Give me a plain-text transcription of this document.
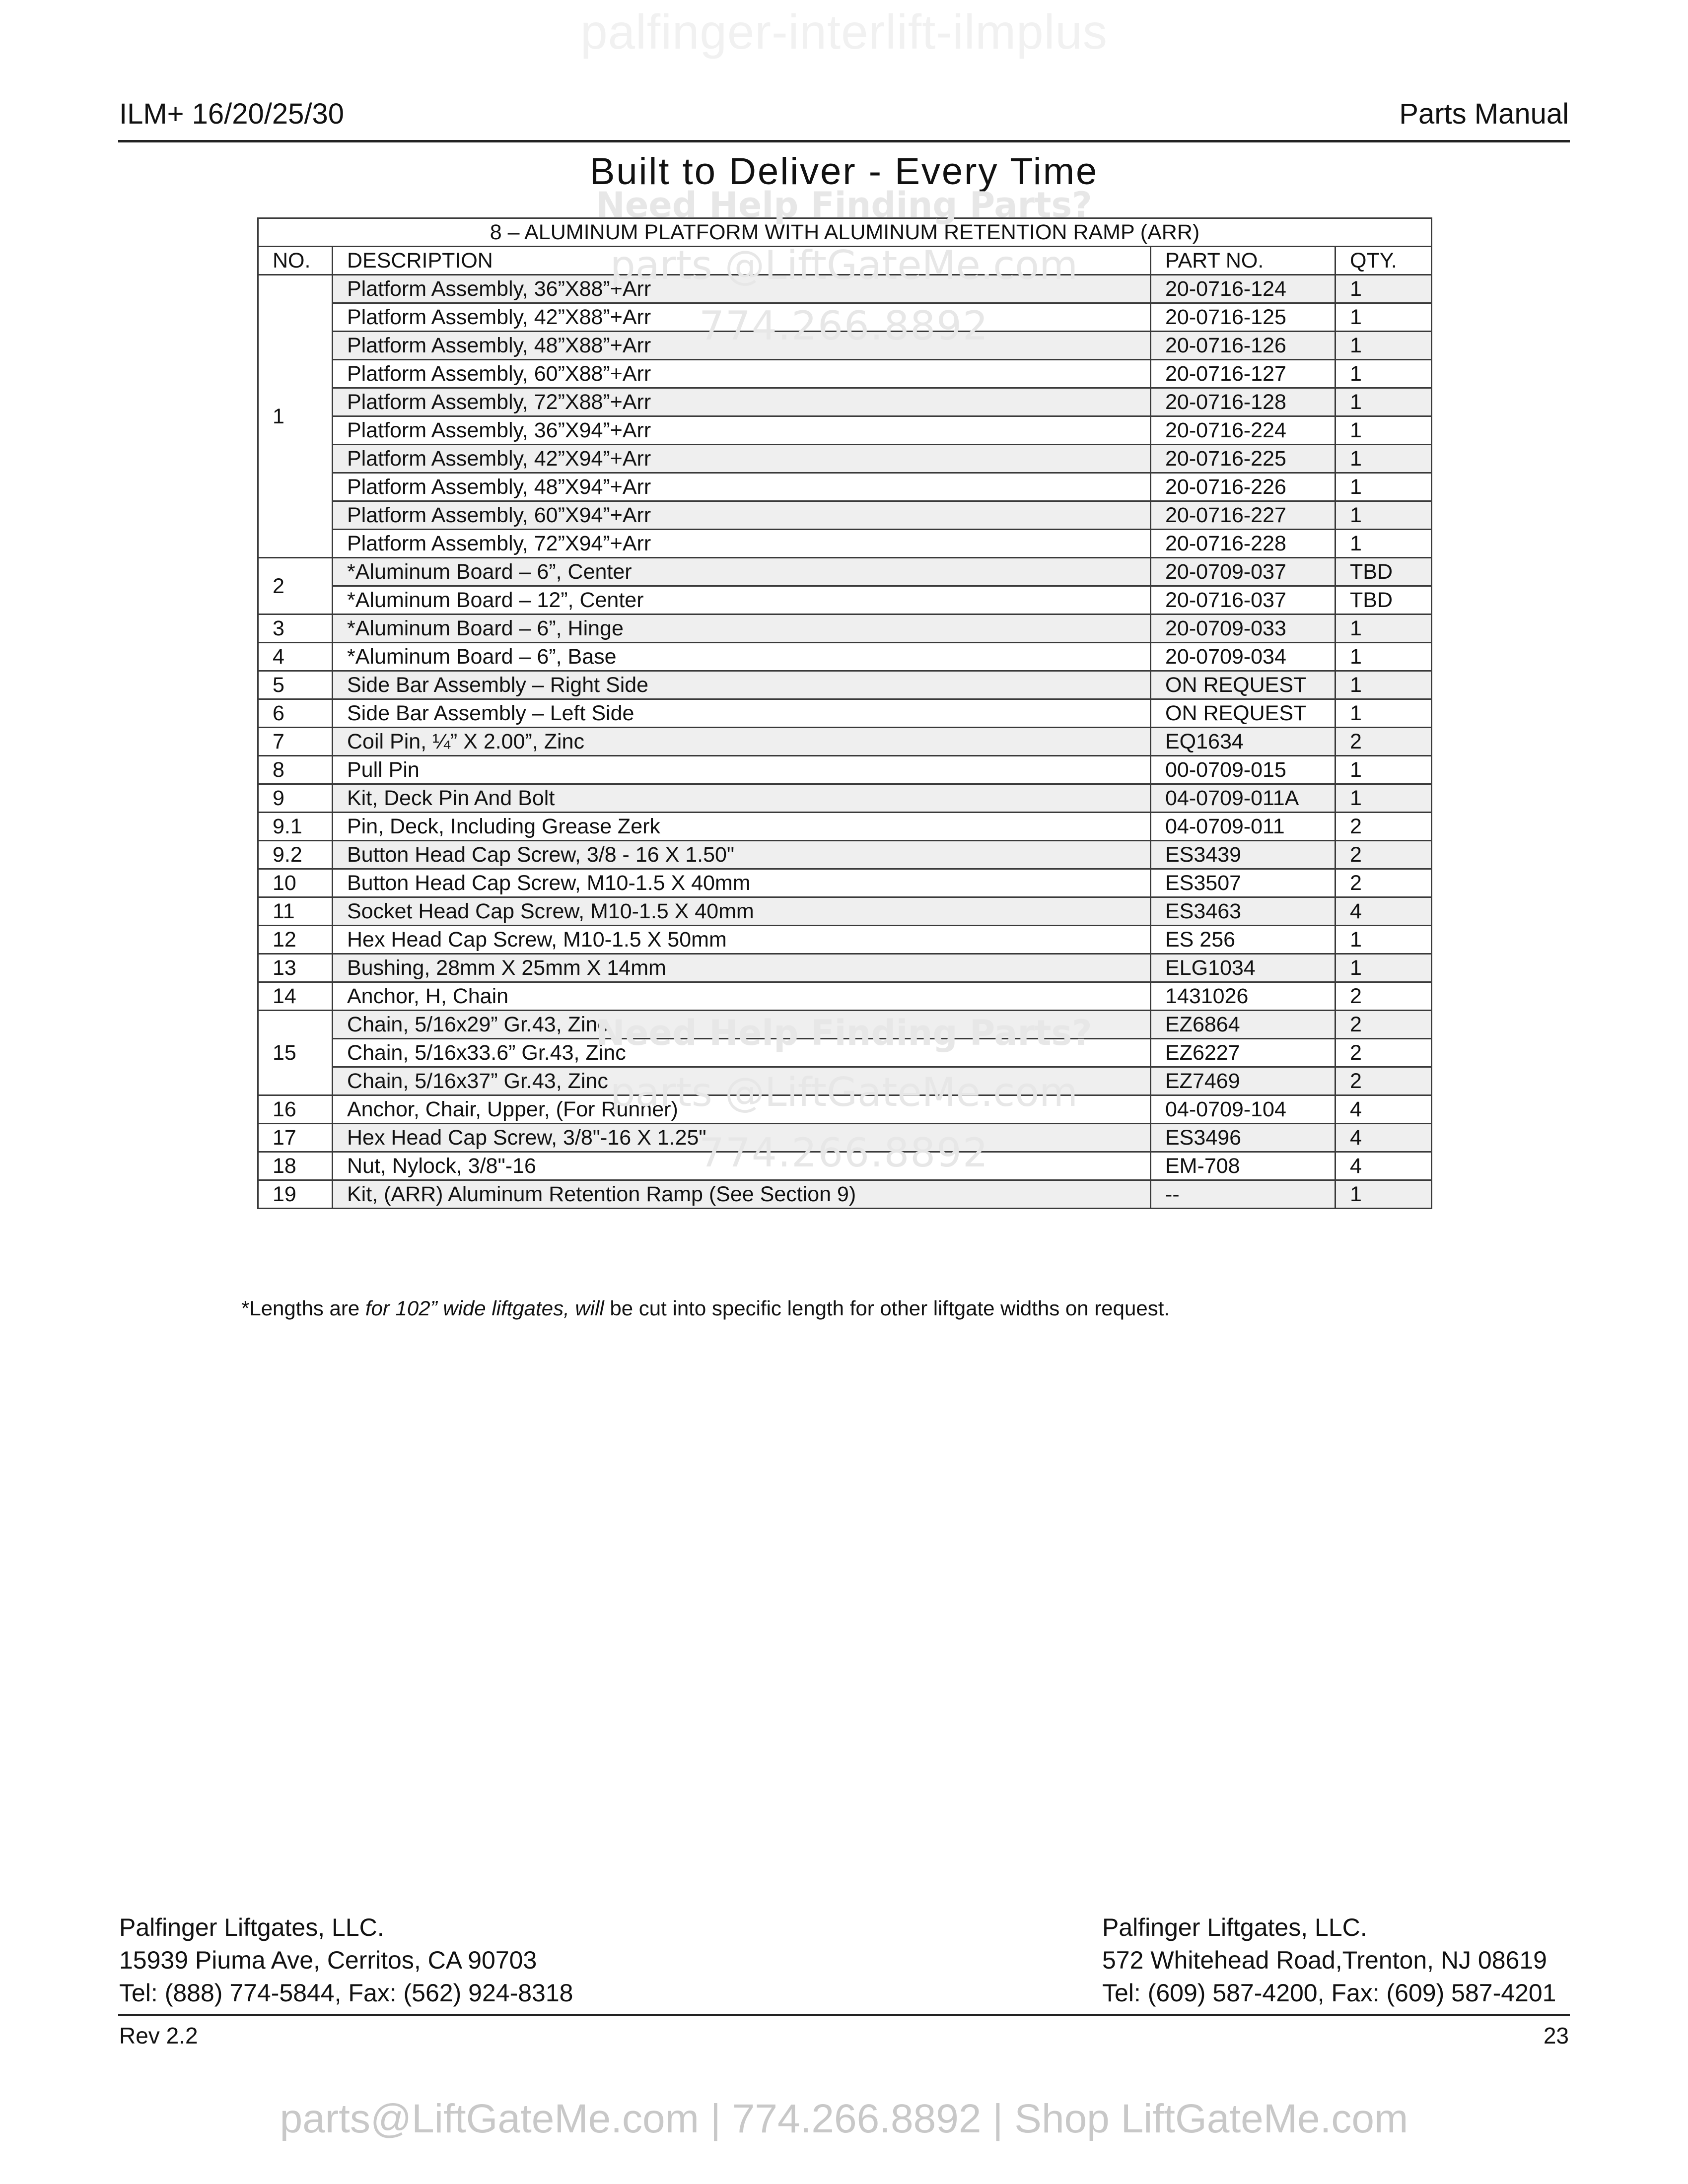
palfinger-interlift-ilmplus
ILM+ 16/20/25/30	Parts Manual
Built to Deliver - Every Time
8 – ALUMINUM PLATFORM WITH ALUMINUM RETENTION RAMP (ARR)			
NO.	DESCRIPTION	PART NO.	QTY.
1	Platform Assembly, 36”X88”+Arr	20-0716-124	1
	Platform Assembly, 42”X88”+Arr	20-0716-125	1
	Platform Assembly, 48”X88”+Arr	20-0716-126	1
	Platform Assembly, 60”X88”+Arr	20-0716-127	1
	Platform Assembly, 72”X88”+Arr	20-0716-128	1
	Platform Assembly, 36”X94”+Arr	20-0716-224	1
	Platform Assembly, 42”X94”+Arr	20-0716-225	1
	Platform Assembly, 48”X94”+Arr	20-0716-226	1
	Platform Assembly, 60”X94”+Arr	20-0716-227	1
	Platform Assembly, 72”X94”+Arr	20-0716-228	1
2	*Aluminum Board – 6”, Center	20-0709-037	TBD
	*Aluminum Board – 12”, Center	20-0716-037	TBD
3	*Aluminum Board – 6”, Hinge	20-0709-033	1
4	*Aluminum Board – 6”, Base	20-0709-034	1
5	Side Bar Assembly – Right Side	ON REQUEST	1
6	Side Bar Assembly – Left Side	ON REQUEST	1
7	Coil Pin, ¼” X 2.00”, Zinc	EQ1634	2
8	Pull Pin	00-0709-015	1
9	Kit, Deck Pin And Bolt	04-0709-011A	1
9.1	Pin, Deck, Including Grease Zerk	04-0709-011	2
9.2	Button Head Cap Screw, 3/8 - 16 X 1.50"	ES3439	2
10	Button Head Cap Screw, M10-1.5 X 40mm	ES3507	2
11	Socket Head Cap Screw, M10-1.5 X 40mm	ES3463	4
12	Hex Head Cap Screw, M10-1.5 X 50mm	ES 256	1
13	Bushing, 28mm X 25mm X 14mm	ELG1034	1
14	Anchor, H, Chain	1431026	2
15	Chain, 5/16x29” Gr.43, Zinc	EZ6864	2
	Chain, 5/16x33.6” Gr.43, Zinc	EZ6227	2
	Chain, 5/16x37” Gr.43, Zinc	EZ7469	2
16	Anchor, Chair, Upper, (For Runner)	04-0709-104	4
17	Hex Head Cap Screw, 3/8"-16 X 1.25"	ES3496	4
18	Nut, Nylock, 3/8"-16	EM-708	4
19	Kit, (ARR) Aluminum Retention Ramp (See Section 9)	--	1
Need Help Finding Parts?
parts @LiftGateMe.com
774.266.8892
Need Help Finding Parts?
parts @LiftGateMe.com
774.266.8892
*Lengths are for 102” wide liftgates, will be cut into specific length for other liftgate widths on request.
Palfinger Liftgates, LLC.
15939 Piuma Ave, Cerritos, CA 90703
Tel: (888) 774-5844, Fax: (562) 924-8318
Palfinger Liftgates, LLC.
572 Whitehead Road,Trenton, NJ 08619
Tel: (609) 587-4200, Fax: (609) 587-4201
Rev 2.2	23
parts@LiftGateMe.com | 774.266.8892 | Shop LiftGateMe.com
